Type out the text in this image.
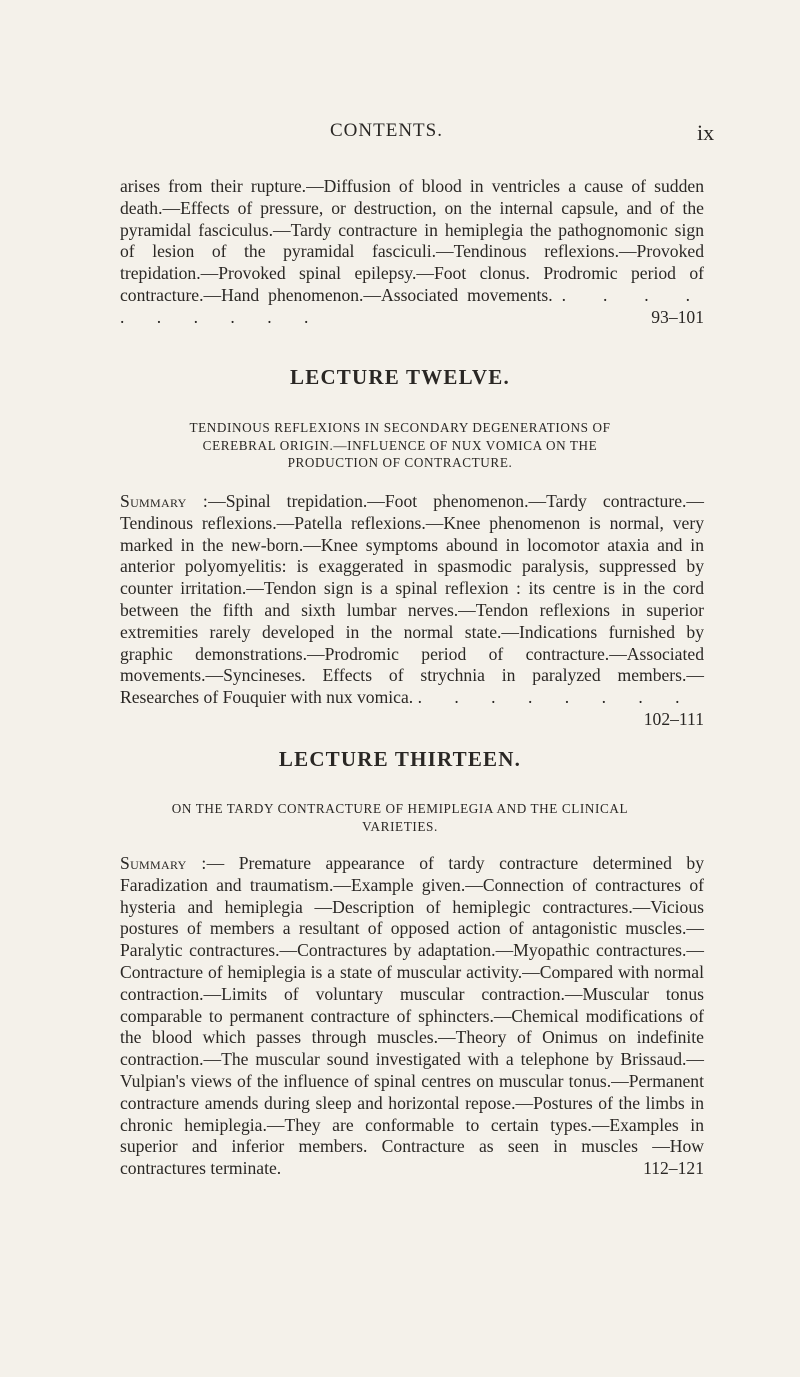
CONTENTS.	ix

arises from their rupture.—Diffusion of blood in ventricles a cause of sudden death.—Effects of pressure, or destruction, on the internal capsule, and of the pyramidal fasciculus.—Tardy contracture in hemiplegia the pathognomonic sign of lesion of the pyramidal fasciculi.—Tendinous reflexions.—Provoked trepidation.—Provoked spinal epilepsy.—Foot clonus. Prodromic period of contracture.—Hand phenomenon.—Associated movements. . . . . . . . . . .	93–101

LECTURE TWELVE.

TENDINOUS REFLEXIONS IN SECONDARY DEGENERATIONS OF CEREBRAL ORIGIN.—INFLUENCE OF NUX VOMICA ON THE PRODUCTION OF CONTRACTURE.

Summary :—Spinal trepidation.—Foot phenomenon.—Tardy contracture.—Tendinous reflexions.—Patella reflexions.—Knee phenomenon is normal, very marked in the new-born.—Knee symptoms abound in locomotor ataxia and in anterior polyomyelitis: is exaggerated in spasmodic paralysis, suppressed by counter irritation.—Tendon sign is a spinal reflexion : its centre is in the cord between the fifth and sixth lumbar nerves.—Tendon reflexions in superior extremities rarely developed in the normal state.—Indications furnished by graphic demonstrations.—Prodromic period of contracture.—Associated movements.—Syncineses. Effects of strychnia in paralyzed members.—Researches of Fouquier with nux vomica. . . . . . . . .
102–111

LECTURE THIRTEEN.

ON THE TARDY CONTRACTURE OF HEMIPLEGIA AND THE CLINICAL VARIETIES.

Summary :— Premature appearance of tardy contracture determined by Faradization and traumatism.—Example given.—Connection of contractures of hysteria and hemiplegia —Description of hemiplegic contractures.—Vicious postures of members a resultant of opposed action of antagonistic muscles.—Paralytic contractures.—Contractures by adaptation.—Myopathic contractures.—Contracture of hemiplegia is a state of muscular activity.—Compared with normal contraction.—Limits of voluntary muscular contraction.—Muscular tonus comparable to permanent contracture of sphincters.—Chemical modifications of the blood which passes through muscles.—Theory of Onimus on indefinite contraction.—The muscular sound investigated with a telephone by Brissaud.—Vulpian's views of the influence of spinal centres on muscular tonus.—Permanent contracture amends during sleep and horizontal repose.—Postures of the limbs in chronic hemiplegia.—They are conformable to certain types.—Examples in superior and inferior members. Contracture as seen in muscles —How contractures terminate.	112–121
